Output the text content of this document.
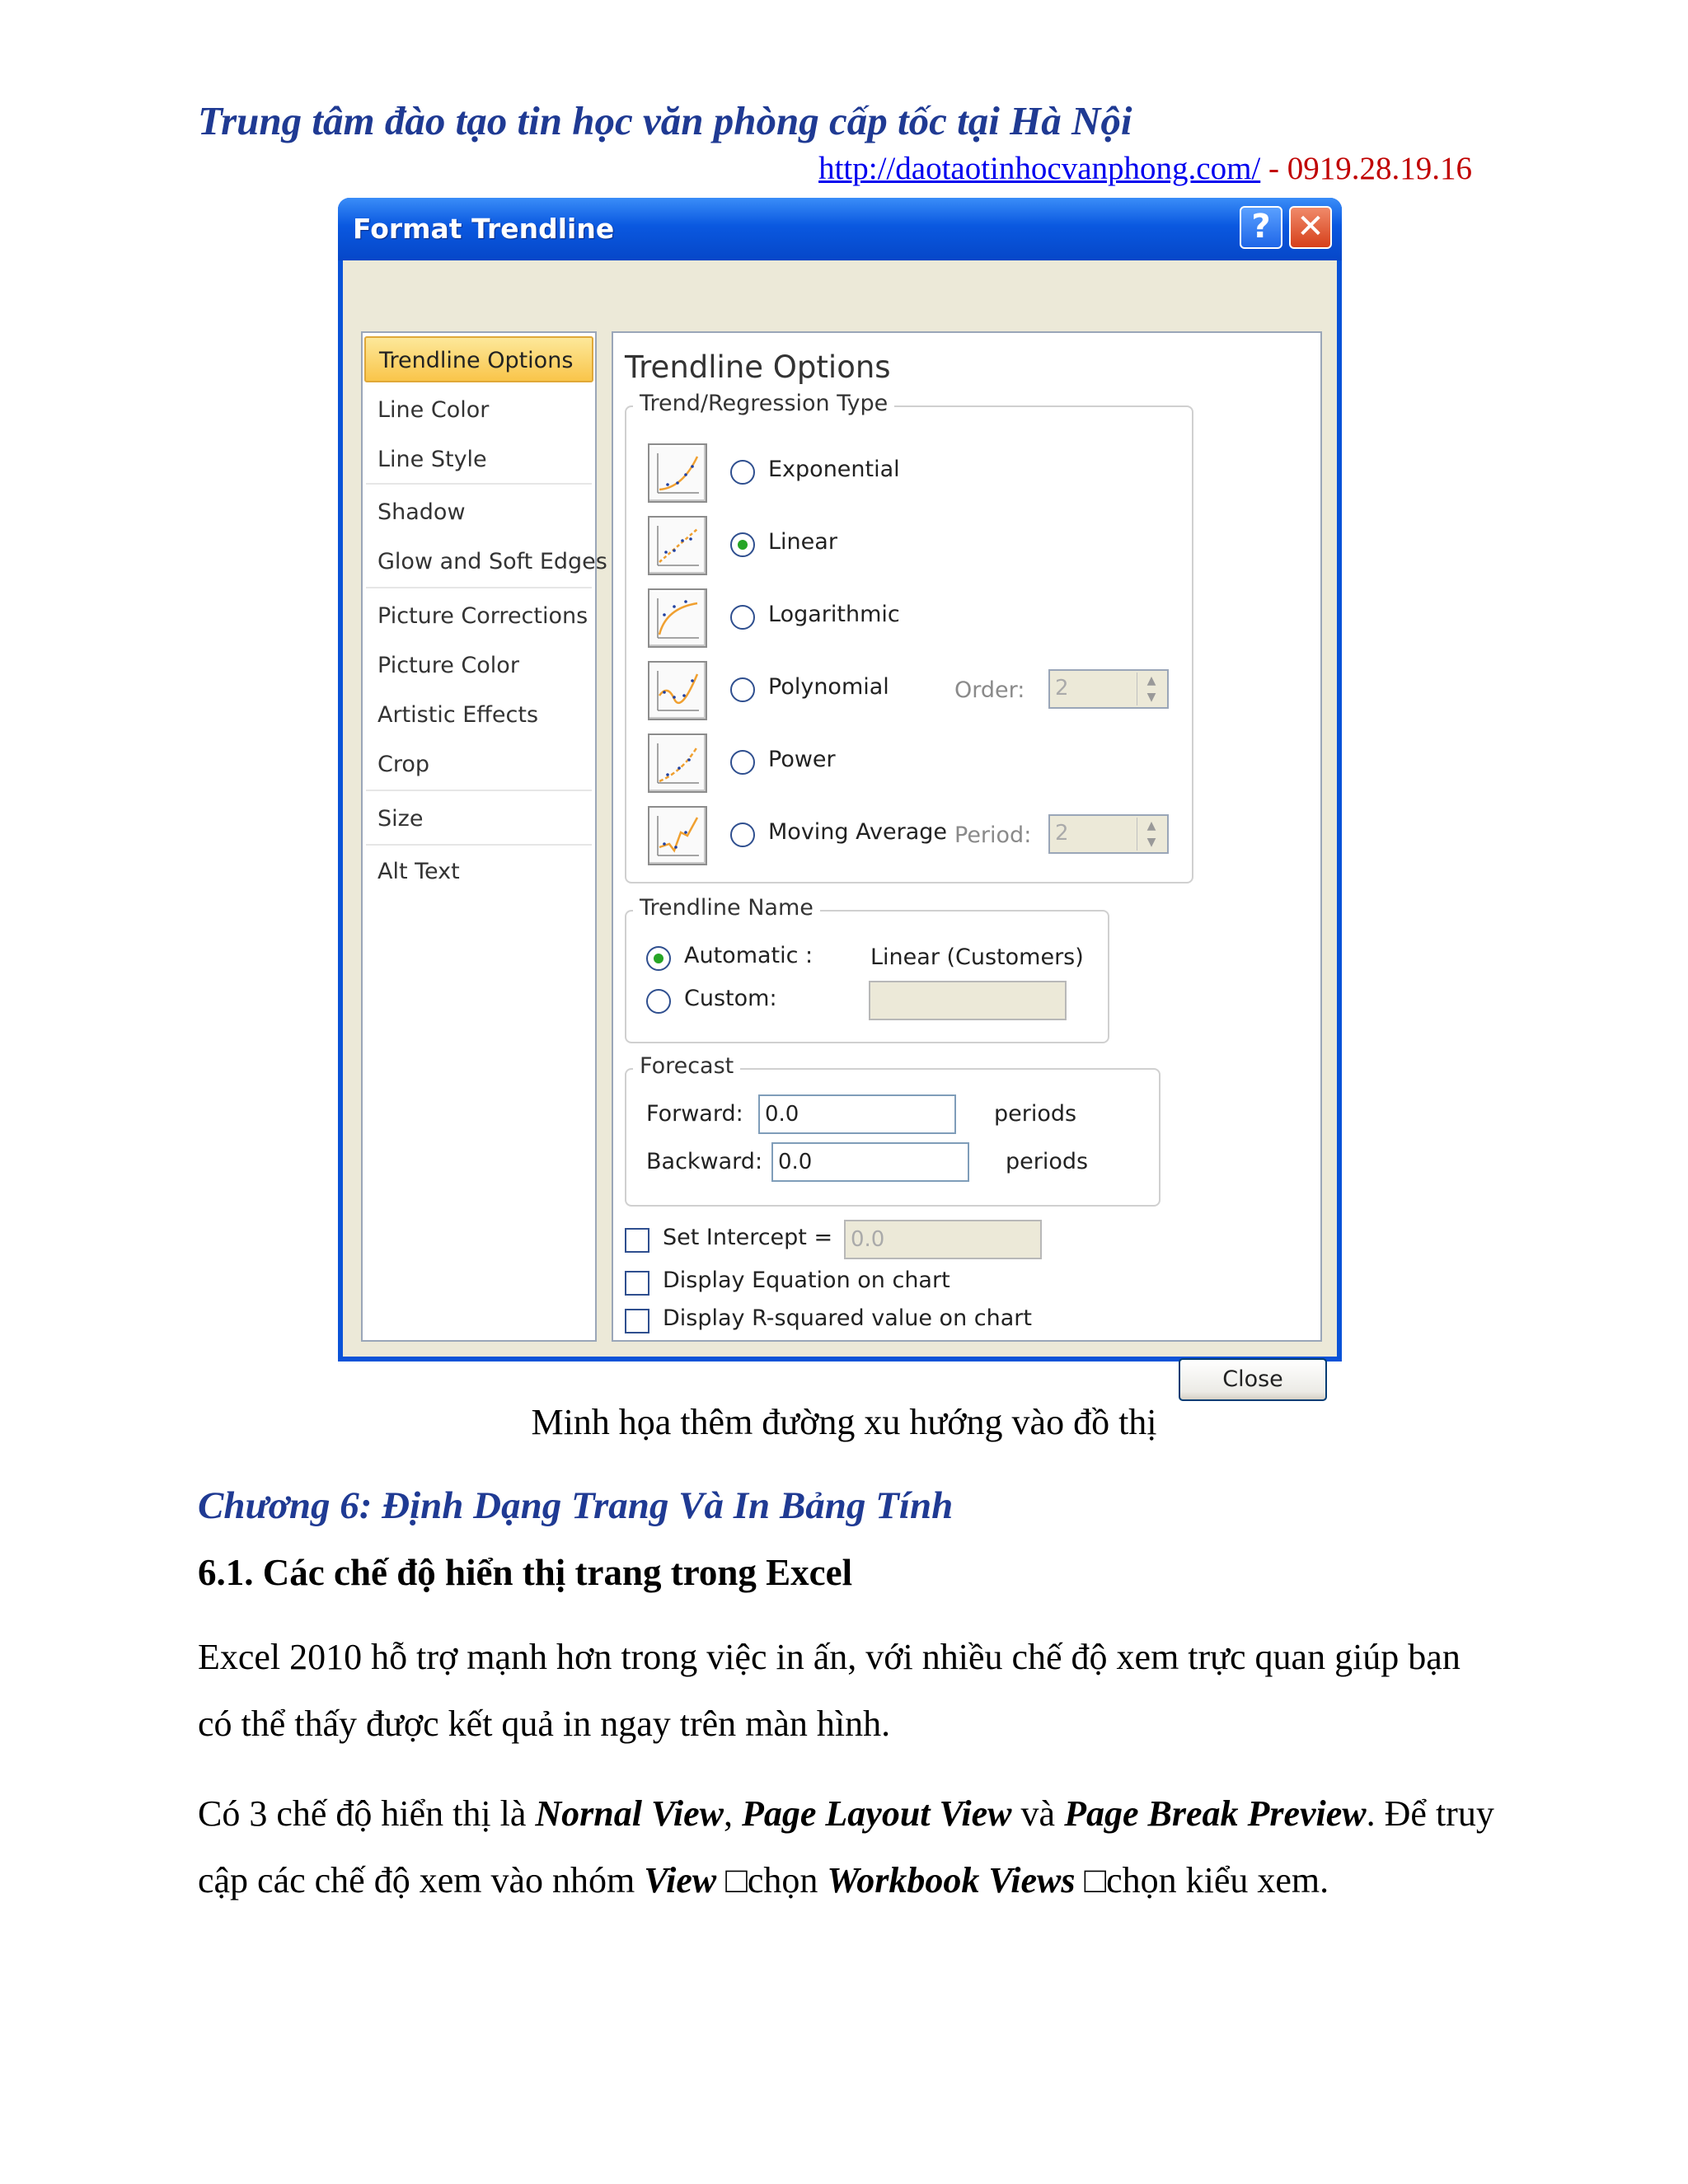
Trung tâm đào tạo tin học văn phòng cấp tốc tại Hà Nội
http://daotaotinhocvanphong.com/ - 0919.28.19.16
Format Trendline	? ✕
Trendline Options
Line Color
Line Style
Shadow
Glow and Soft Edges
Picture Corrections
Picture Color
Artistic Effects
Crop
Size
Alt Text
Trendline Options
Trend/Regression Type
Exponential
Linear
Logarithmic
Polynomial	Order: 2	▲
▼
Power
Moving Average Period: 2	▲
▼
Trendline Name
Automatic :	Linear (Customers)
Custom:
Forecast
Forward:	0.0	periods
Backward: 0.0	periods
Set Intercept = 0.0
Display Equation on chart
Display R-squared value on chart
Close
Minh họa thêm đường xu hướng vào đồ thị
Chương 6: Định Dạng Trang Và In Bảng Tính
6.1. Các chế độ hiển thị trang trong Excel
Excel 2010 hỗ trợ mạnh hơn trong việc in ấn, với nhiều chế độ xem trực quan giúp bạn có thể thấy được kết quả in ngay trên màn hình.
Có 3 chế độ hiển thị là Nornal View, Page Layout View và Page Break Preview. Để truy cập các chế độ xem vào nhóm View □chọn Workbook Views □chọn kiểu xem.
